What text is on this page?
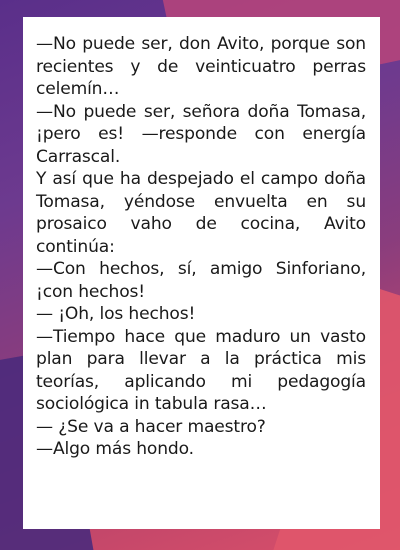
—No puede ser, don Avito, porque son recientes y de veinticuatro perras celemín…

—No puede ser, señora doña Tomasa, ¡pero es! —responde con energía Carrascal.

Y así que ha despejado el campo doña Tomasa, yéndose envuelta en su prosaico vaho de cocina, Avito continúa:

—Con hechos, sí, amigo Sinforiano, ¡con hechos!

— ¡Oh, los hechos!

—Tiempo hace que maduro un vasto plan para llevar a la práctica mis teorías, aplicando mi pedagogía sociológica in tabula rasa…

— ¿Se va a hacer maestro?

—Algo más hondo.
